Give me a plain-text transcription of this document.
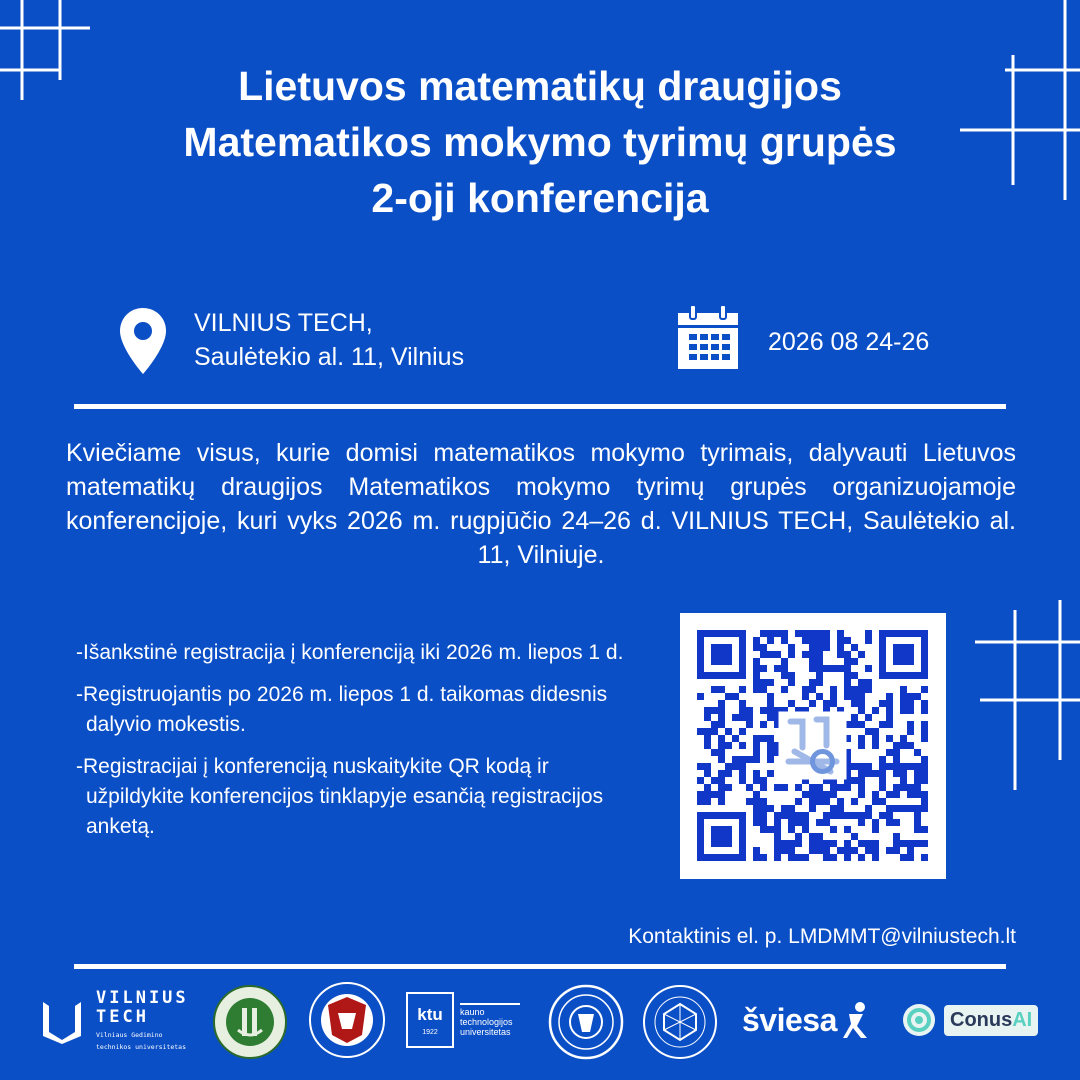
Lietuvos matematikų draugijos
Matematikos mokymo tyrimų grupės
2-oji konferencija
VILNIUS TECH,
Saulėtekio al. 11, Vilnius
2026 08 24-26
Kviečiame visus, kurie domisi matematikos mokymo tyrimais, dalyvauti Lietuvos matematikų draugijos Matematikos mokymo tyrimų grupės organizuojamoje konferencijoje, kuri vyks 2026 m. rugpjūčio 24–26 d. VILNIUS TECH, Saulėtekio al. 11, Vilniuje.
-Išankstinė registracija į konferenciją iki 2026 m. liepos 1 d.
-Registruojantis po 2026 m. liepos 1 d. taikomas didesnis dalyvio mokestis.
-Registracijai į konferenciją nuskaitykite QR kodą ir užpildykite konferencijos tinklapyje esančią registracijos anketą.
Kontaktinis el. p. LMDMMT@vilniustech.lt
VILNIUS
TECH
Vilniaus Gedimino
technikos universitetas
ktu
1922
kauno
technologijos
universitetas	šviesa	ConusAI
